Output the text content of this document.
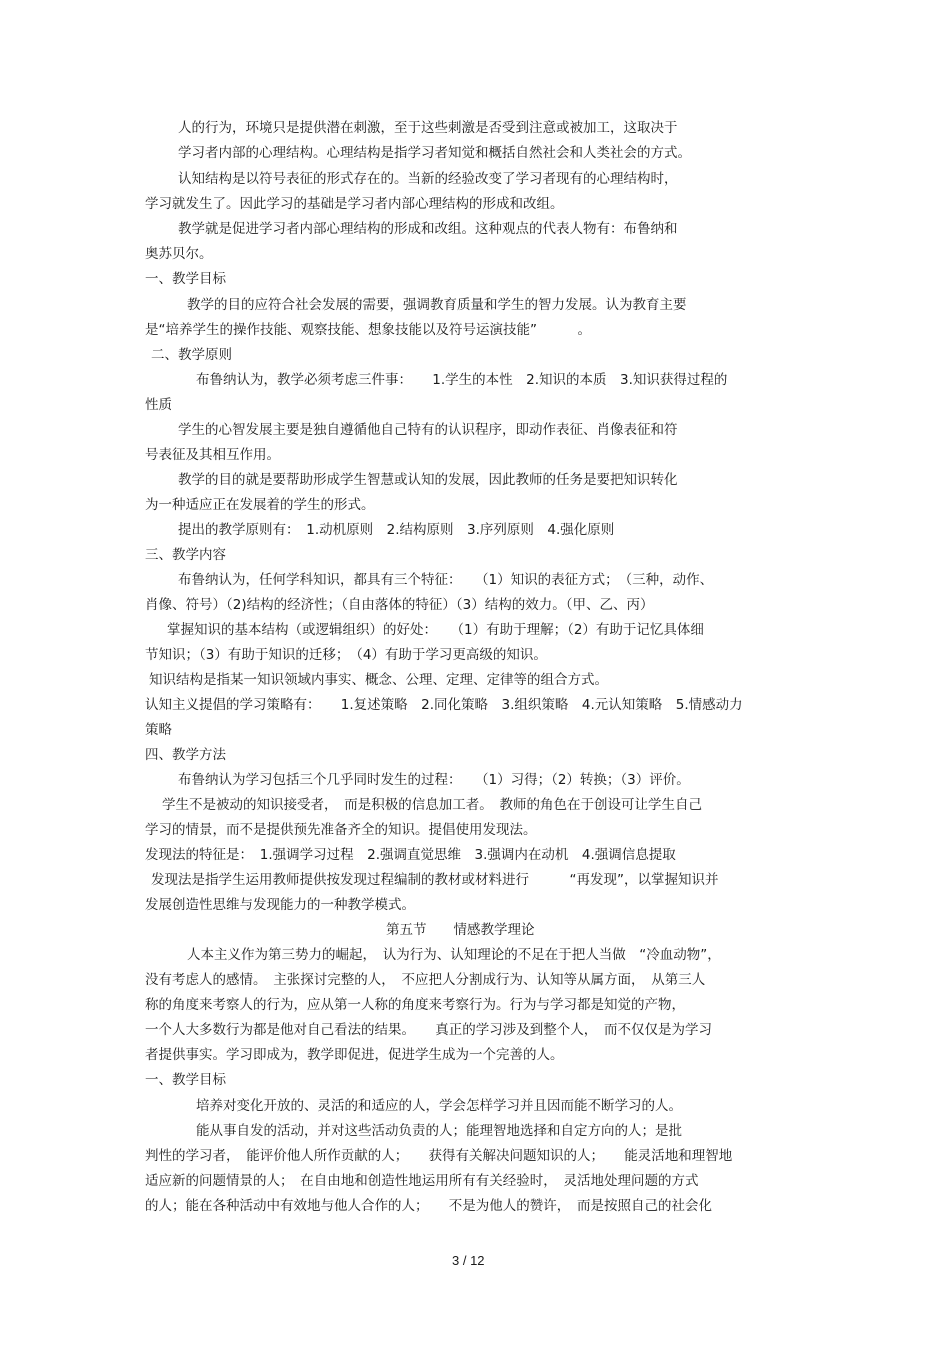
人的行为，环境只是提供潜在刺激，至于这些刺激是否受到注意或被加工，这取决于
学习者内部的心理结构。心理结构是指学习者知觉和概括自然社会和人类社会的方式。
认知结构是以符号表征的形式存在的。当新的经验改变了学习者现有的心理结构时，
学习就发生了。因此学习的基础是学习者内部心理结构的形成和改组。
教学就是促进学习者内部心理结构的形成和改组。这种观点的代表人物有：布鲁纳和
奥苏贝尔。
一、教学目标
教学的目的应符合社会发展的需要，强调教育质量和学生的智力发展。认为教育主要
是“培养学生的操作技能、观察技能、想象技能以及符号运演技能”　　　。
二、教学原则
布鲁纳认为，教学必须考虑三件事：　　1.学生的本性　2.知识的本质　3.知识获得过程的
性质
学生的心智发展主要是独自遵循他自己特有的认识程序，即动作表征、肖像表征和符
号表征及其相互作用。
教学的目的就是要帮助形成学生智慧或认知的发展，因此教师的任务是要把知识转化
为一种适应正在发展着的学生的形式。
提出的教学原则有：　1.动机原则　2.结构原则　3.序列原则　4.强化原则
三、教学内容
布鲁纳认为，任何学科知识，都具有三个特征：　　（1）知识的表征方式；　（三种，动作、
肖像、符号）（2)结构的经济性；（自由落体的特征）（3）结构的效力。（甲、乙、丙）
掌握知识的基本结构（或逻辑组织）的好处：　　（1）有助于理解；（2）有助于记忆具体细
节知识；（3）有助于知识的迁移；　（4）有助于学习更高级的知识。
知识结构是指某一知识领域内事实、概念、公理、定理、定律等的组合方式。
认知主义提倡的学习策略有：　　1.复述策略　2.同化策略　3.组织策略　4.元认知策略　5.情感动力
策略
四、教学方法
布鲁纳认为学习包括三个几乎同时发生的过程：　　（1）习得；（2）转换；（3）评价。
学生不是被动的知识接受者，　而是积极的信息加工者。　教师的角色在于创设可让学生自己
学习的情景，而不是提供预先准备齐全的知识。提倡使用发现法。
发现法的特征是：　1.强调学习过程　2.强调直觉思维　3.强调内在动机　4.强调信息提取
发现法是指学生运用教师提供按发现过程编制的教材或材料进行　　　“再发现”，以掌握知识并
发展创造性思维与发现能力的一种教学模式。
第五节　　情感教学理论
人本主义作为第三势力的崛起，　认为行为、认知理论的不足在于把人当做　“冷血动物”，
没有考虑人的感情。　主张探讨完整的人，　不应把人分割成行为、认知等从属方面，　从第三人
称的角度来考察人的行为，应从第一人称的角度来考察行为。行为与学习都是知觉的产物，
一个人大多数行为都是他对自己看法的结果。　　真正的学习涉及到整个人，　而不仅仅是为学习
者提供事实。学习即成为，教学即促进，促进学生成为一个完善的人。
一、教学目标
培养对变化开放的、灵活的和适应的人，学会怎样学习并且因而能不断学习的人。
能从事自发的活动，并对这些活动负责的人；能理智地选择和自定方向的人；是批
判性的学习者，　能评价他人所作贡献的人；　　获得有关解决问题知识的人；　　能灵活地和理智地
适应新的问题情景的人；　在自由地和创造性地运用所有有关经验时，　灵活地处理问题的方式
的人；能在各种活动中有效地与他人合作的人；　　不是为他人的赞许，　而是按照自己的社会化
3 / 12
